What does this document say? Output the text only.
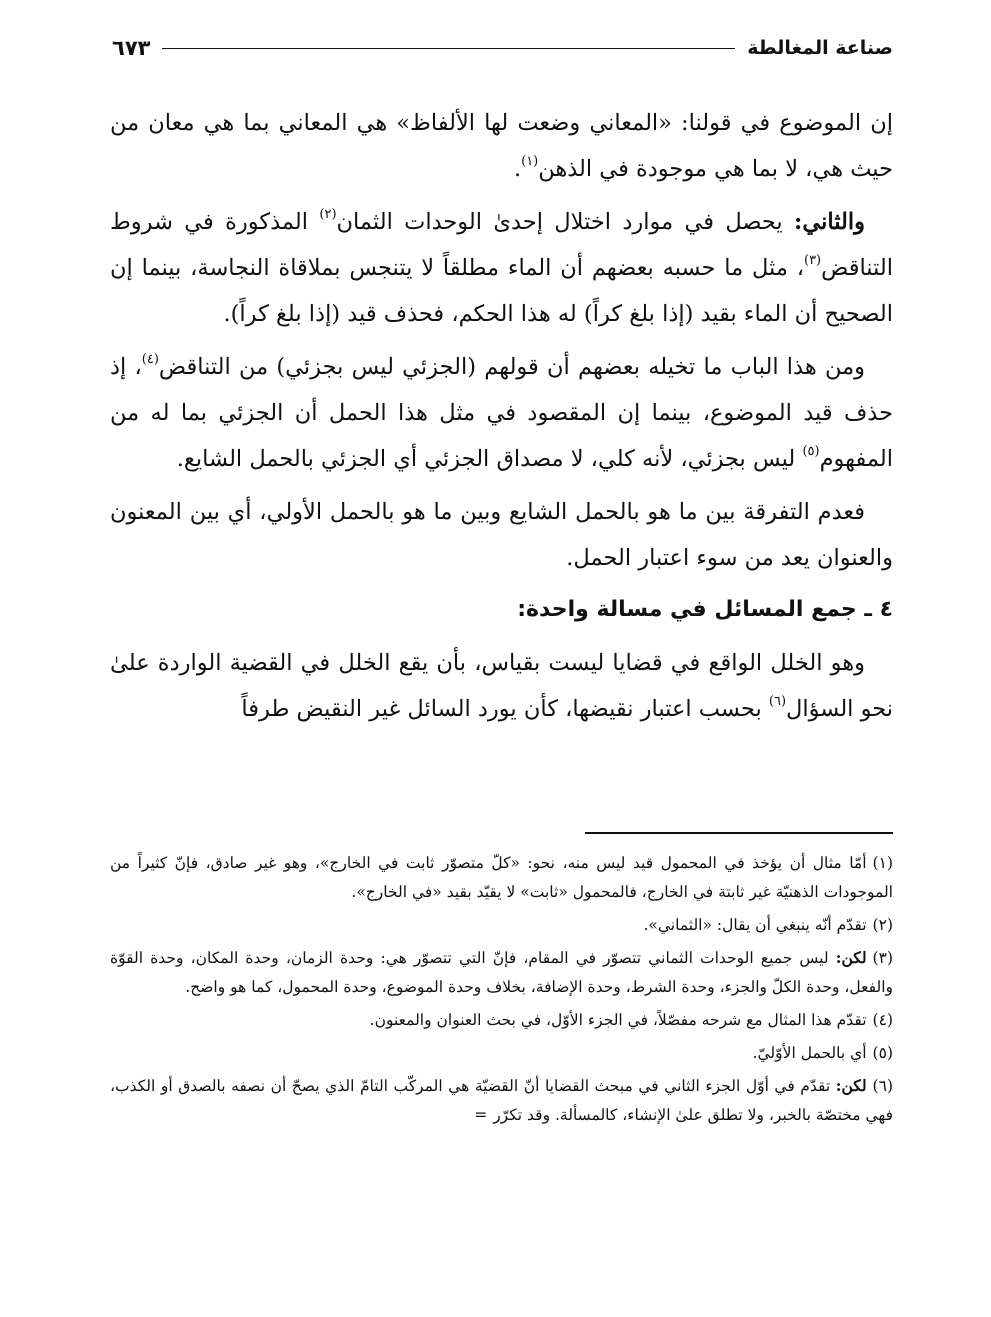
صناعة المغالطة
٦٧٣

إن الموضوع في قولنا: «المعاني وضعت لها الألفاظ» هي المعاني بما هي معان من حيث هي، لا بما هي موجودة في الذهن$^{(١)}$.

والثاني: يحصل في موارد اختلال إحدىٰ الوحدات الثمان$^{(٢)}$ المذكورة في شروط التناقض$^{(٣)}$، مثل ما حسبه بعضهم أن الماء مطلقاً لا يتنجس بملاقاة النجاسة، بينما إن الصحيح أن الماء بقيد (إذا بلغ كراً) له هذا الحكم، فحذف قيد (إذا بلغ كراً).

ومن هذا الباب ما تخيله بعضهم أن قولهم (الجزئي ليس بجزئي) من التناقض$^{(٤)}$، إذ حذف قيد الموضوع، بينما إن المقصود في مثل هذا الحمل أن الجزئي بما له من المفهوم$^{(٥)}$ ليس بجزئي، لأنه كلي، لا مصداق الجزئي أي الجزئي بالحمل الشايع.

فعدم التفرقة بين ما هو بالحمل الشايع وبين ما هو بالحمل الأولي، أي بين المعنون والعنوان يعد من سوء اعتبار الحمل.

٤ ـ جمع المسائل في مسالة واحدة:

وهو الخلل الواقع في قضايا ليست بقياس، بأن يقع الخلل في القضية الواردة علىٰ نحو السؤال$^{(٦)}$ بحسب اعتبار نقيضها، كأن يورد السائل غير النقيض طرفاً

(١)أمّا مثال أن يؤخذ في المحمول قيد ليس منه، نحو: «كلّ متصوّر ثابت في الخارج»، وهو غير صادق، فإنّ كثيراً من الموجودات الذهنيّة غير ثابتة في الخارج، فالمحمول «ثابت» لا يقيّد بقيد «في الخارج».

(٢)تقدّم أنّه ينبغي أن يقال: «الثماني».

(٣)لكن: ليس جميع الوحدات الثماني تتصوّر في المقام، فإنّ التي تتصوّر هي: وحدة الزمان، وحدة المكان، وحدة القوّة والفعل، وحدة الكلّ والجزء، وحدة الشرط، وحدة الإضافة، بخلاف وحدة الموضوع، وحدة المحمول، كما هو واضح.

(٤)تقدّم هذا المثال مع شرحه مفصّلاً، في الجزء الأوّل، في بحث العنوان والمعنون.

(٥)أي بالحمل الأوّليّ.

(٦)لكن: تقدّم في أوّل الجزء الثاني في مبحث القضايا أنّ القضيّة هي المركّب التامّ الذي يصحّ أن نصفه بالصدق أو الكذب، فهي مختصّة بالخبر، ولا تطلق علىٰ الإنشاء، كالمسألة. وقد تكرّر=
